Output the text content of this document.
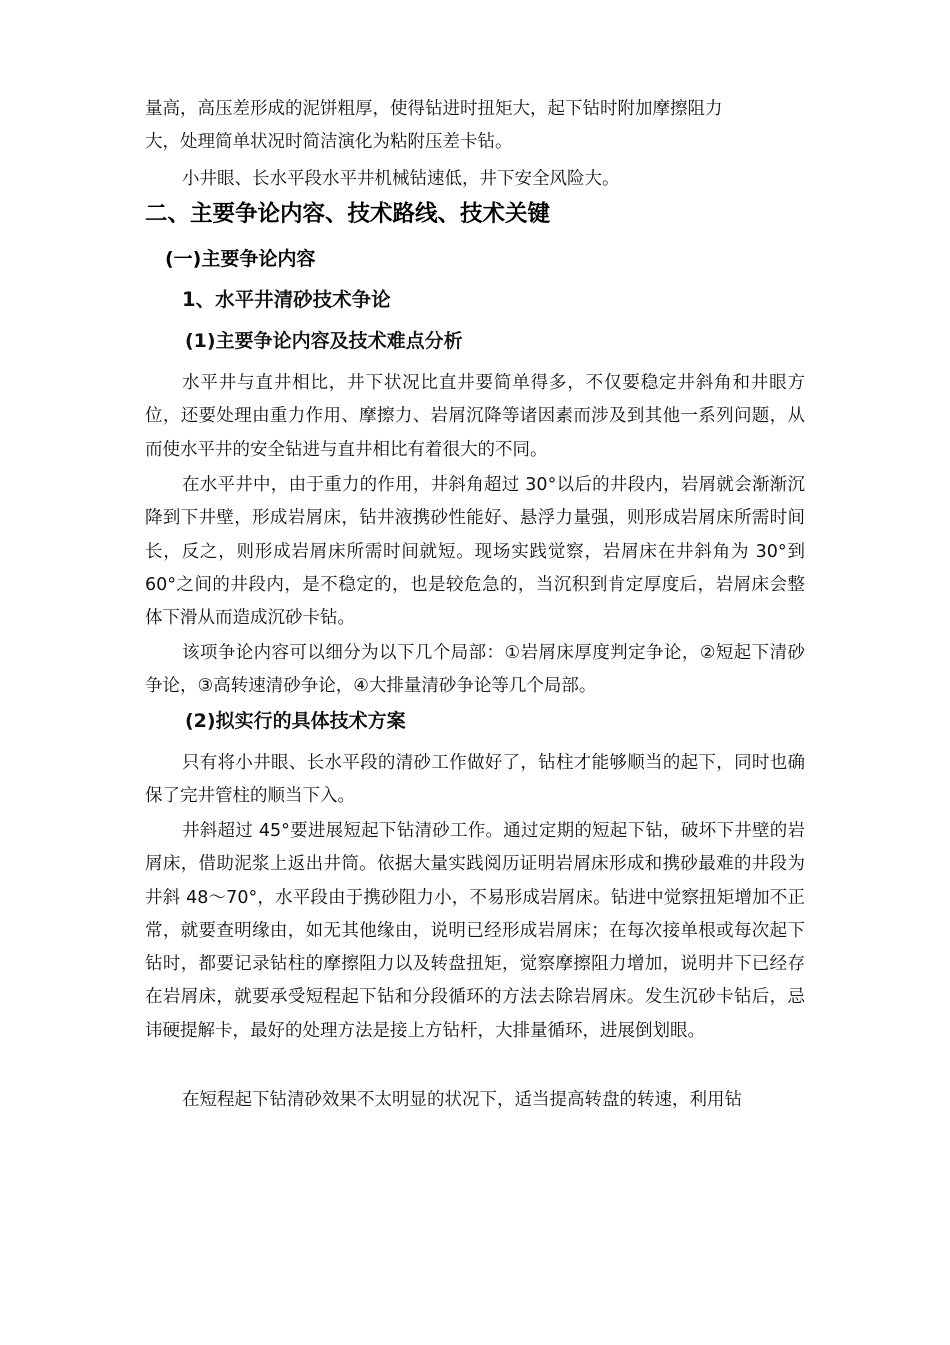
量高，高压差形成的泥饼粗厚，使得钻进时扭矩大，起下钻时附加摩擦阻力

大，处理简单状况时简洁演化为粘附压差卡钻。

小井眼、长水平段水平井机械钻速低，井下安全风险大。

二、主要争论内容、技术路线、技术关键
(一)主要争论内容
1、水平井清砂技术争论
(1)主要争论内容及技术难点分析

水平井与直井相比，井下状况比直井要简单得多，不仅要稳定井斜角和井眼方位，还要处理由重力作用、摩擦力、岩屑沉降等诸因素而涉及到其他一系列问题，从而使水平井的安全钻进与直井相比有着很大的不同。

在水平井中，由于重力的作用，井斜角超过 30°以后的井段内，岩屑就会渐渐沉降到下井壁，形成岩屑床，钻井液携砂性能好、悬浮力量强，则形成岩屑床所需时间长，反之，则形成岩屑床所需时间就短。现场实践觉察，岩屑床在井斜角为 30°到 60°之间的井段内，是不稳定的，也是较危急的，当沉积到肯定厚度后，岩屑床会整体下滑从而造成沉砂卡钻。

该项争论内容可以细分为以下几个局部：①岩屑床厚度判定争论，②短起下清砂争论，③高转速清砂争论，④大排量清砂争论等几个局部。

(2)拟实行的具体技术方案

只有将小井眼、长水平段的清砂工作做好了，钻柱才能够顺当的起下，同时也确保了完井管柱的顺当下入。

井斜超过 45°要进展短起下钻清砂工作。通过定期的短起下钻，破坏下井壁的岩屑床，借助泥浆上返出井筒。依据大量实践阅历证明岩屑床形成和携砂最难的井段为井斜 48～70°，水平段由于携砂阻力小，不易形成岩屑床。钻进中觉察扭矩增加不正常，就要查明缘由，如无其他缘由，说明已经形成岩屑床；在每次接单根或每次起下钻时，都要记录钻柱的摩擦阻力以及转盘扭矩，觉察摩擦阻力增加，说明井下已经存在岩屑床，就要承受短程起下钻和分段循环的方法去除岩屑床。发生沉砂卡钻后，忌讳硬提解卡，最好的处理方法是接上方钻杆，大排量循环，进展倒划眼。

在短程起下钻清砂效果不太明显的状况下，适当提高转盘的转速，利用钻
